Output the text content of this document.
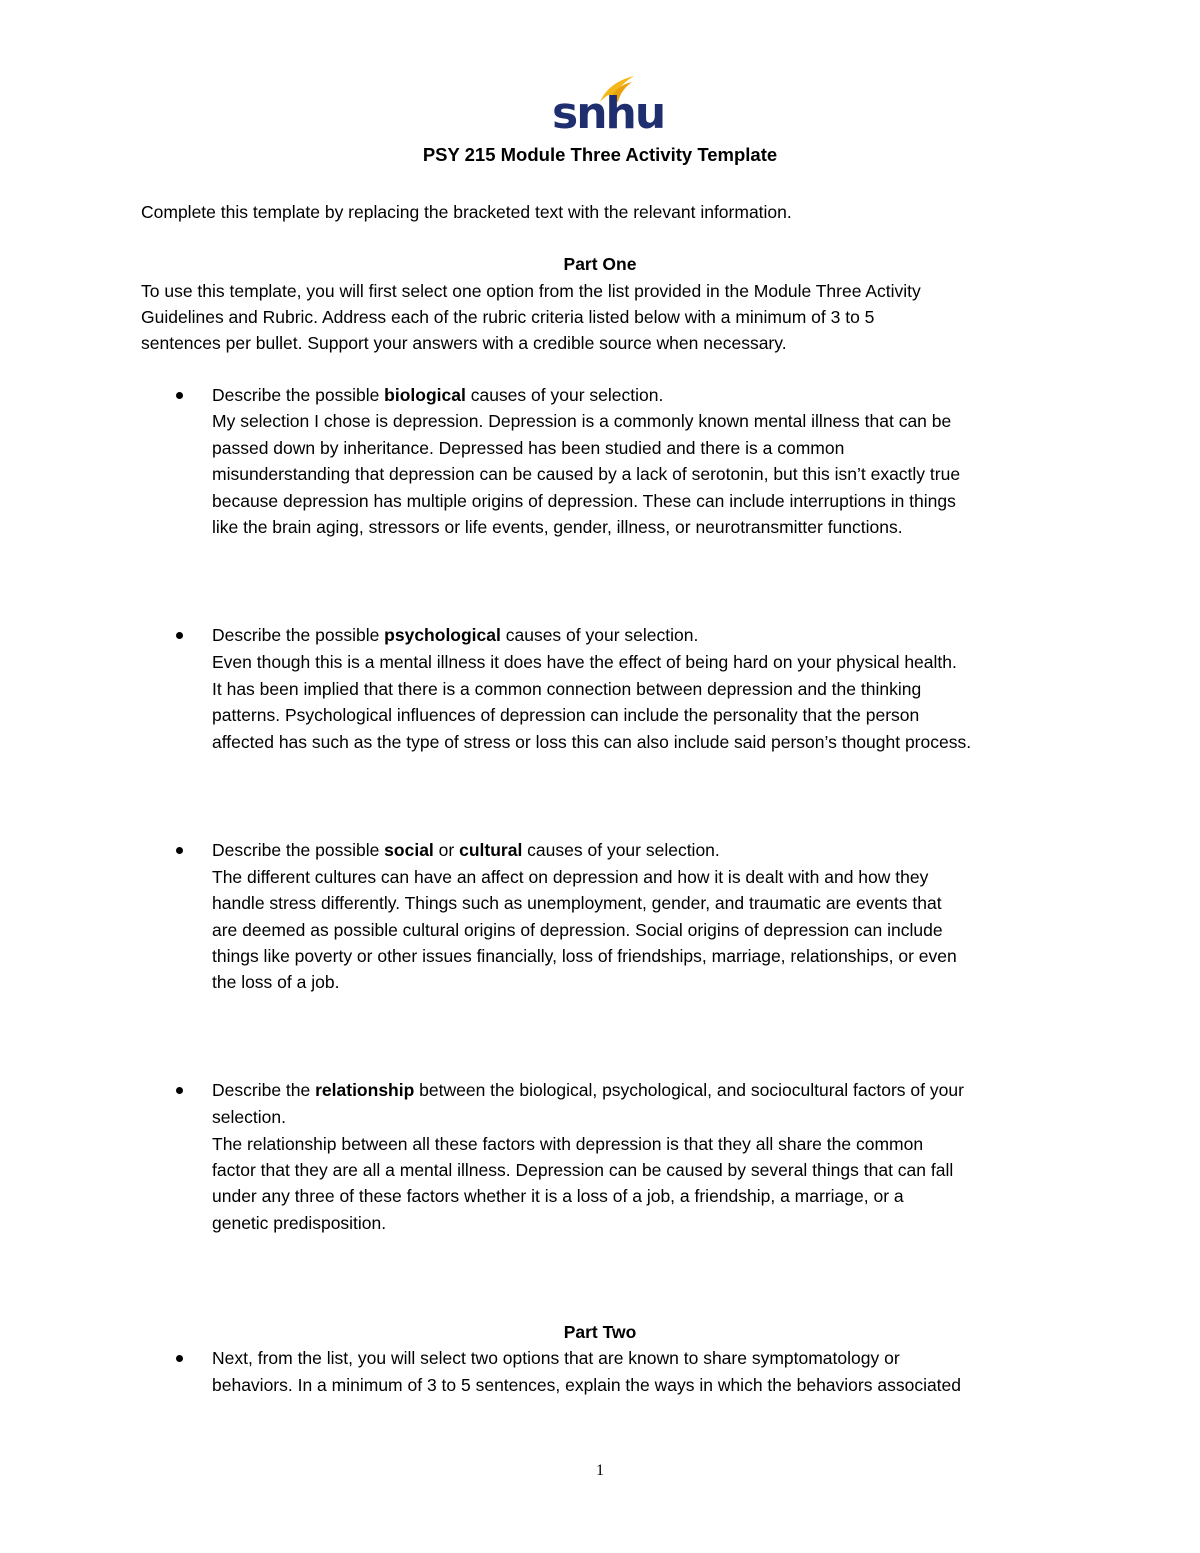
snhu
PSY 215 Module Three Activity Template
Complete this template by replacing the bracketed text with the relevant information.
Part One
To use this template, you will first select one option from the list provided in the Module Three Activity
Guidelines and Rubric. Address each of the rubric criteria listed below with a minimum of 3 to 5
sentences per bullet. Support your answers with a credible source when necessary.
Describe the possible biological causes of your selection.
My selection I chose is depression. Depression is a commonly known mental illness that can be
passed down by inheritance. Depressed has been studied and there is a common
misunderstanding that depression can be caused by a lack of serotonin, but this isn’t exactly true
because depression has multiple origins of depression. These can include interruptions in things
like the brain aging, stressors or life events, gender, illness, or neurotransmitter functions.
Describe the possible psychological causes of your selection.
Even though this is a mental illness it does have the effect of being hard on your physical health.
It has been implied that there is a common connection between depression and the thinking
patterns. Psychological influences of depression can include the personality that the person
affected has such as the type of stress or loss this can also include said person’s thought process.
Describe the possible social or cultural causes of your selection.
The different cultures can have an affect on depression and how it is dealt with and how they
handle stress differently. Things such as unemployment, gender, and traumatic are events that
are deemed as possible cultural origins of depression. Social origins of depression can include
things like poverty or other issues financially, loss of friendships, marriage, relationships, or even
the loss of a job.
Describe the relationship between the biological, psychological, and sociocultural factors of your
selection.
The relationship between all these factors with depression is that they all share the common
factor that they are all a mental illness. Depression can be caused by several things that can fall
under any three of these factors whether it is a loss of a job, a friendship, a marriage, or a
genetic predisposition.
Part Two
Next, from the list, you will select two options that are known to share symptomatology or
behaviors. In a minimum of 3 to 5 sentences, explain the ways in which the behaviors associated
1
